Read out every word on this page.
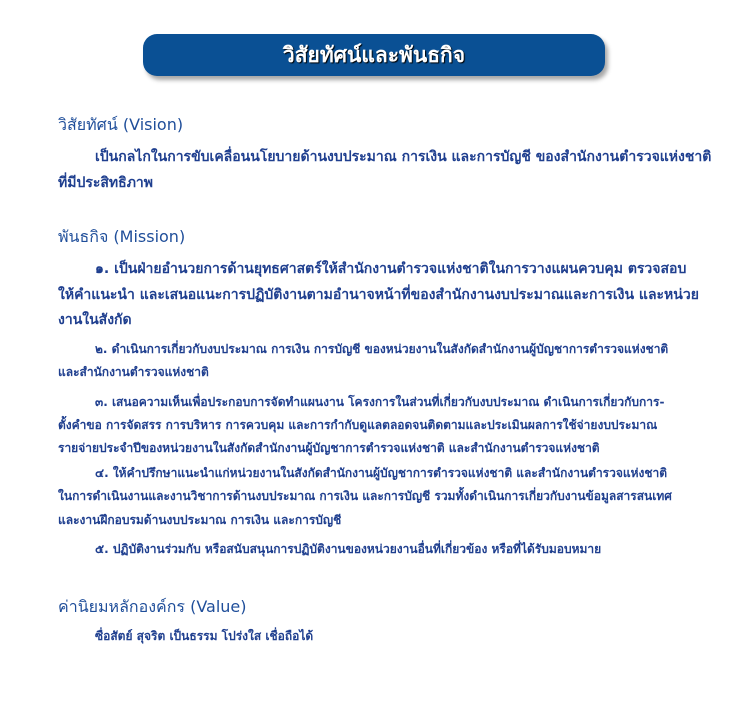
วิสัยทัศน์และพันธกิจ
วิสัยทัศน์ (Vision)
เป็นกลไกในการขับเคลื่อนนโยบายด้านงบประมาณ การเงิน และการบัญชี ของสำนักงานตำรวจแห่งชาติ
ที่มีประสิทธิภาพ
พันธกิจ (Mission)
๑. เป็นฝ่ายอำนวยการด้านยุทธศาสตร์ให้สำนักงานตำรวจแห่งชาติในการวางแผนควบคุม ตรวจสอบ
ให้คำแนะนำ และเสนอแนะการปฏิบัติงานตามอำนาจหน้าที่ของสำนักงานงบประมาณและการเงิน และหน่วย
งานในสังกัด
๒. ดำเนินการเกี่ยวกับงบประมาณ การเงิน การบัญชี ของหน่วยงานในสังกัดสำนักงานผู้บัญชาการตำรวจแห่งชาติ
และสำนักงานตำรวจแห่งชาติ
๓. เสนอความเห็นเพื่อประกอบการจัดทำแผนงาน โครงการในส่วนที่เกี่ยวกับงบประมาณ ดำเนินการเกี่ยวกับการ-
ตั้งคำขอ การจัดสรร การบริหาร การควบคุม และการกำกับดูแลตลอดจนติดตามและประเมินผลการใช้จ่ายงบประมาณ
รายจ่ายประจำปีของหน่วยงานในสังกัดสำนักงานผู้บัญชาการตำรวจแห่งชาติ และสำนักงานตำรวจแห่งชาติ
๔. ให้คำปรึกษาแนะนำแก่หน่วยงานในสังกัดสำนักงานผู้บัญชาการตำรวจแห่งชาติ และสำนักงานตำรวจแห่งชาติ
ในการดำเนินงานและงานวิชาการด้านงบประมาณ การเงิน และการบัญชี รวมทั้งดำเนินการเกี่ยวกับงานข้อมูลสารสนเทศ
และงานฝึกอบรมด้านงบประมาณ การเงิน และการบัญชี
๕. ปฏิบัติงานร่วมกับ หรือสนับสนุนการปฏิบัติงานของหน่วยงานอื่นที่เกี่ยวข้อง หรือที่ได้รับมอบหมาย
ค่านิยมหลักองค์กร (Value)
ซื่อสัตย์ สุจริต เป็นธรรม โปร่งใส เชื่อถือได้
